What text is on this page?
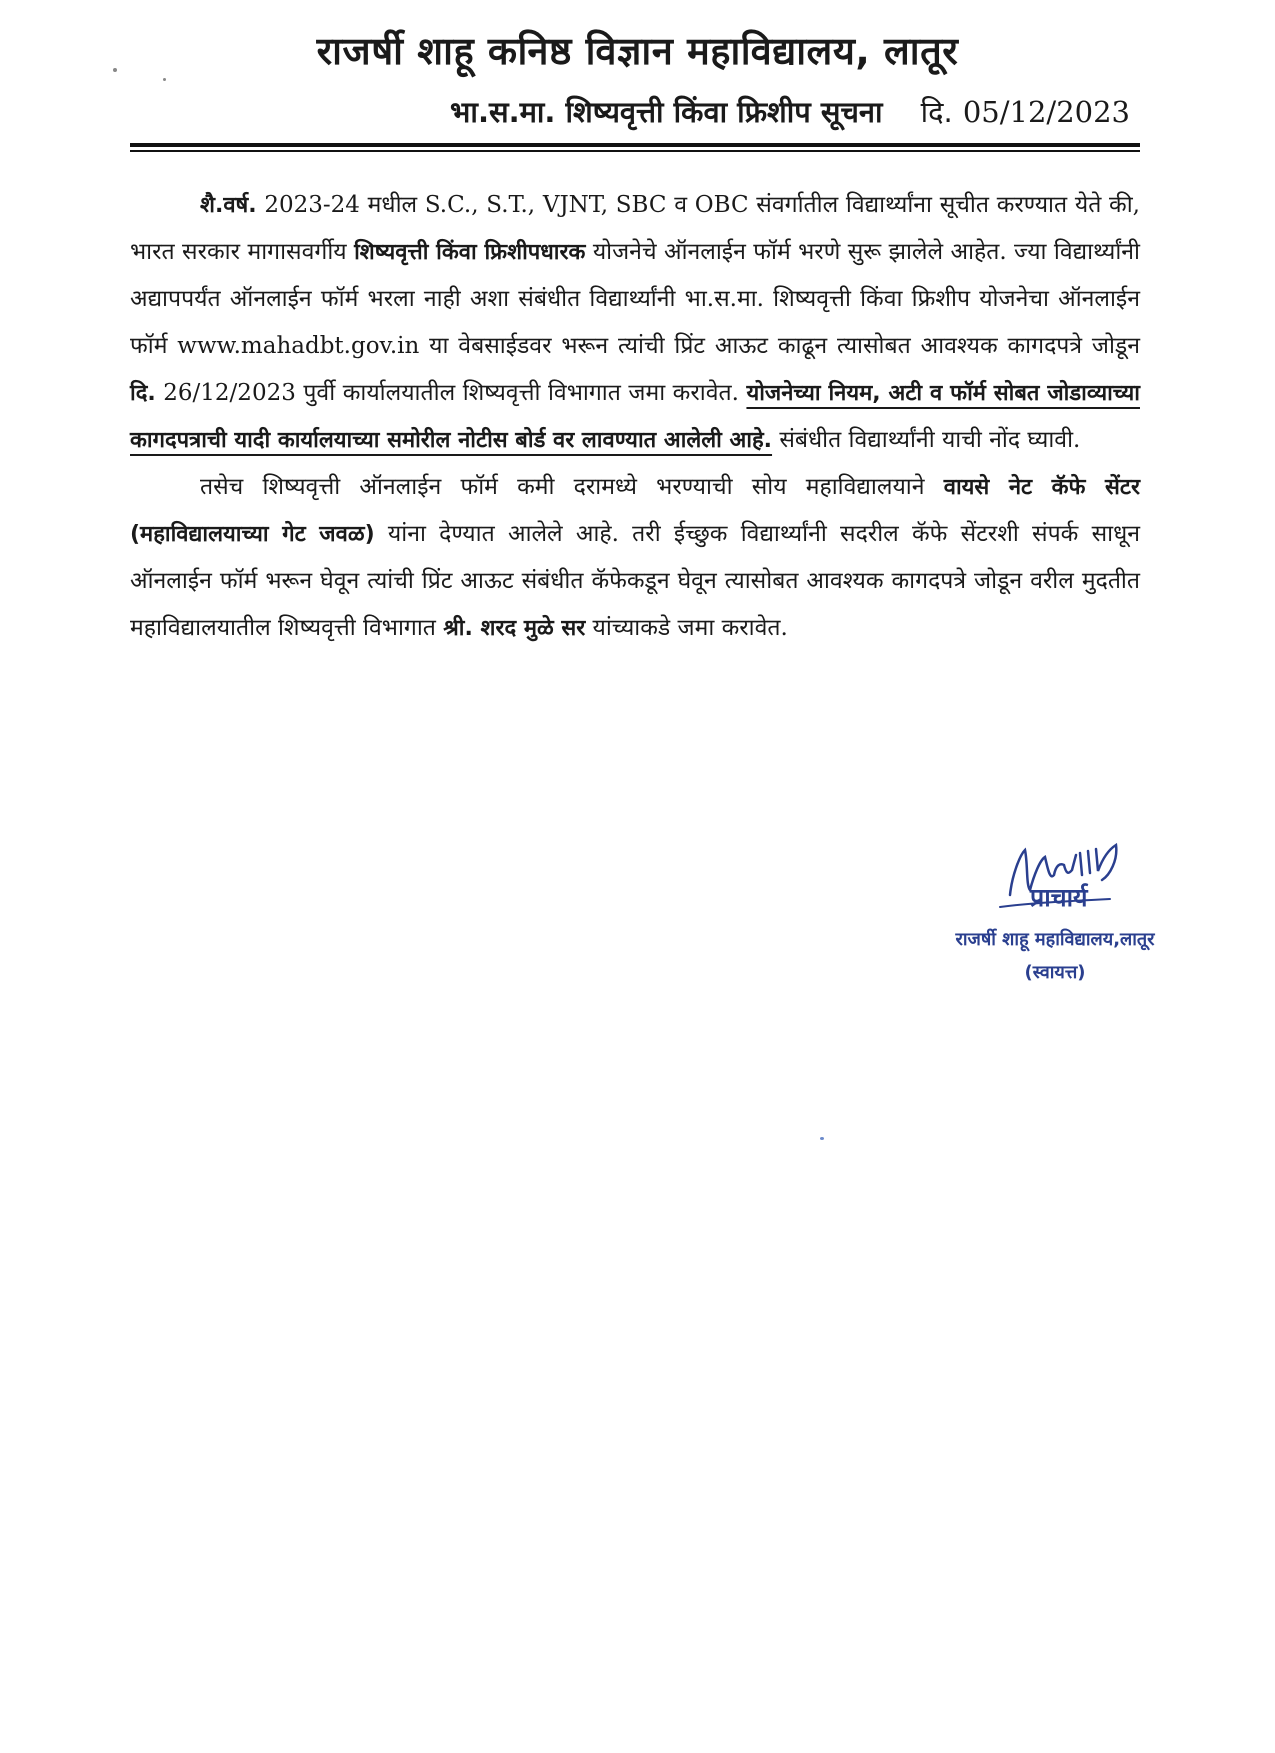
राजर्षी शाहू कनिष्ठ विज्ञान महाविद्यालय, लातूर
भा.स.मा. शिष्यवृत्ती किंवा फ्रिशीप सूचना दि. 05/12/2023

शै.वर्ष. 2023-24 मधील S.C., S.T., VJNT, SBC व OBC संवर्गातील विद्यार्थ्यांना सूचीत करण्यात येते की, भारत सरकार मागासवर्गीय शिष्यवृत्ती किंवा फ्रिशीपधारक योजनेचे ऑनलाईन फॉर्म भरणे सुरू झालेले आहेत. ज्या विद्यार्थ्यांनी अद्यापपर्यंत ऑनलाईन फॉर्म भरला नाही अशा संबंधीत विद्यार्थ्यांनी भा.स.मा. शिष्यवृत्ती किंवा फ्रिशीप योजनेचा ऑनलाईन फॉर्म www.mahadbt.gov.in या वेबसाईडवर भरून त्यांची प्रिंट आऊट काढून त्यासोबत आवश्यक कागदपत्रे जोडून दि. 26/12/2023 पुर्वी कार्यालयातील शिष्यवृत्ती विभागात जमा करावेत. योजनेच्या नियम, अटी व फॉर्म सोबत जोडाव्याच्या कागदपत्राची यादी कार्यालयाच्या समोरील नोटीस बोर्ड वर लावण्यात आलेली आहे. संबंधीत विद्यार्थ्यांनी याची नोंद घ्यावी.

तसेच शिष्यवृत्ती ऑनलाईन फॉर्म कमी दरामध्ये भरण्याची सोय महाविद्यालयाने वायसे नेट कॅफे सेंटर (महाविद्यालयाच्या गेट जवळ) यांना देण्यात आलेले आहे. तरी ईच्छुक विद्यार्थ्यांनी सदरील कॅफे सेंटरशी संपर्क साधून ऑनलाईन फॉर्म भरून घेवून त्यांची प्रिंट आऊट संबंधीत कॅफेकडून घेवून त्यासोबत आवश्यक कागदपत्रे जोडून वरील मुदतीत महाविद्यालयातील शिष्यवृत्ती विभागात श्री. शरद मुळे सर यांच्याकडे जमा करावेत.

प्राचार्य
राजर्षी शाहू महाविद्यालय,लातूर
(स्वायत्त)
